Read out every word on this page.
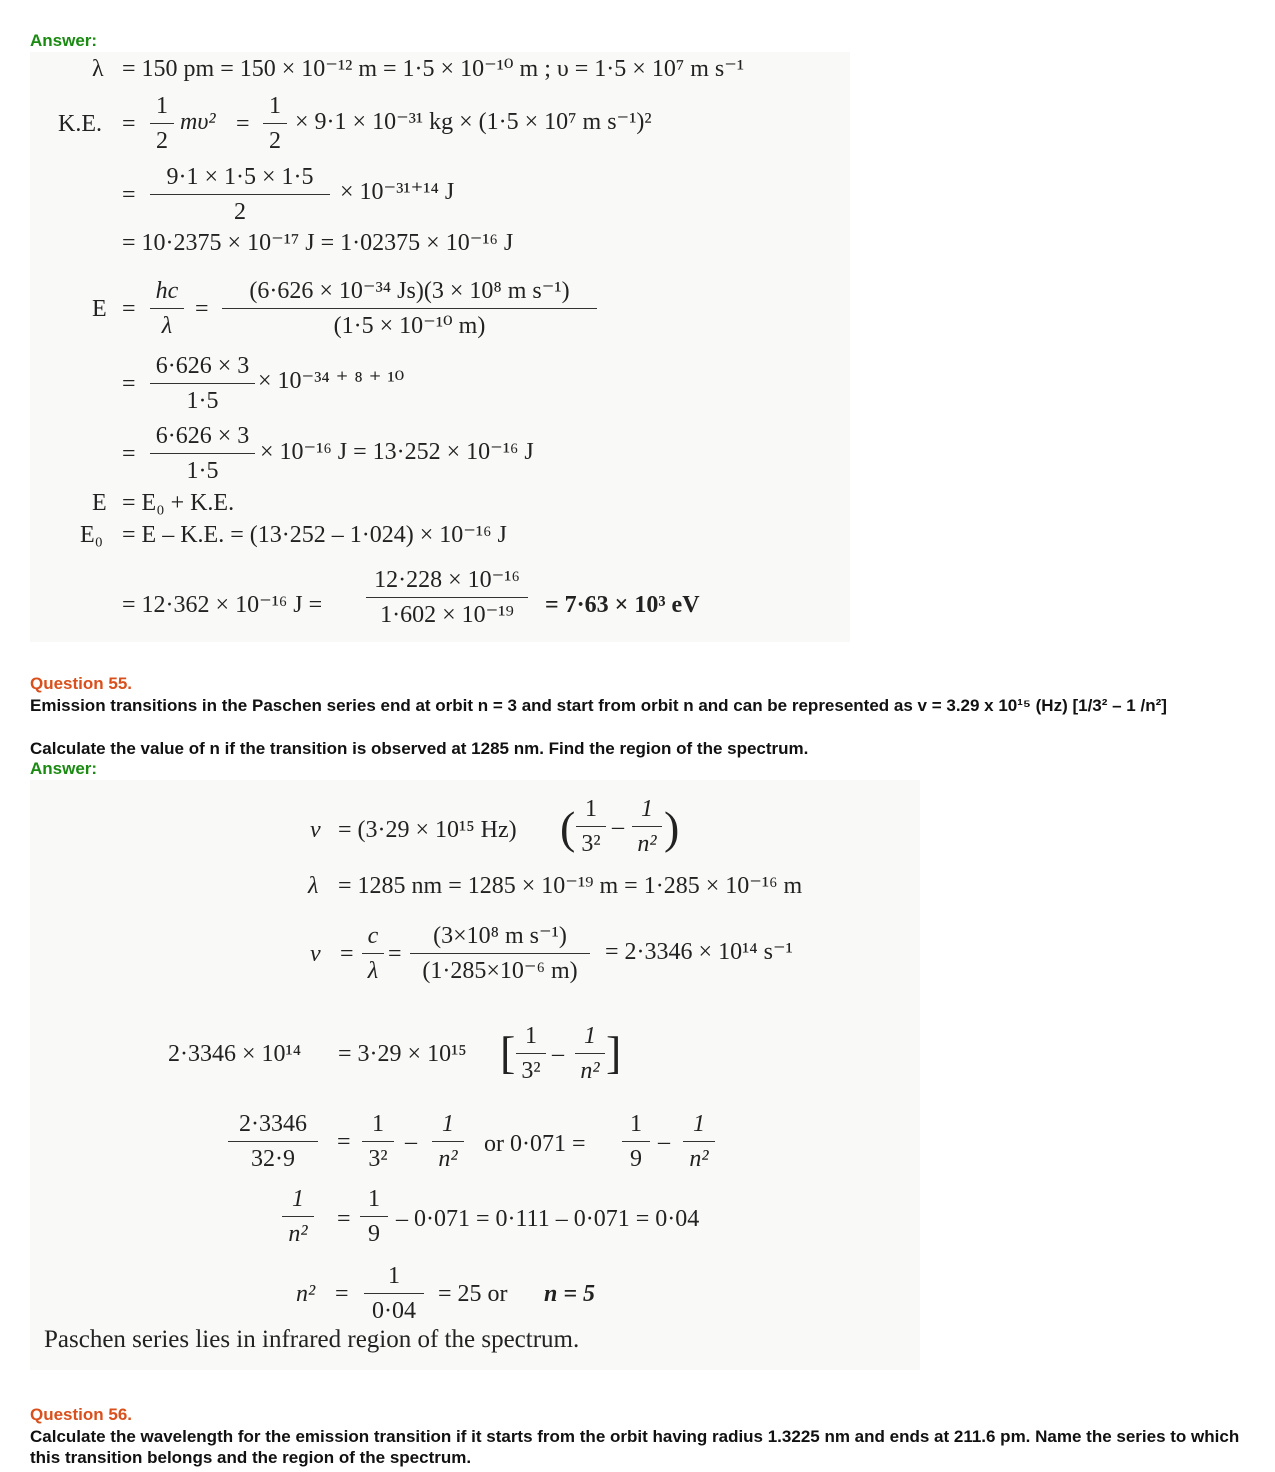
Answer:
λ = 150 pm = 150 × 10⁻¹² m = 1·5 × 10⁻¹⁰ m ; υ = 1·5 × 10⁷ m s⁻¹
K.E. =
1
2
mυ² =
1
2
× 9·1 × 10⁻³¹ kg × (1·5 × 10⁷ m s⁻¹)²
=
9·1 × 1·5 × 1·5
2
× 10⁻³¹⁺¹⁴ J
= 10·2375 × 10⁻¹⁷ J = 1·02375 × 10⁻¹⁶ J
E =
hc
λ
=
(6·626 × 10⁻³⁴ Js)(3 × 10⁸ m s⁻¹)
(1·5 × 10⁻¹⁰ m)
=
6·626 × 3
1·5
× 10⁻³⁴ ⁺ ⁸ ⁺ ¹⁰
=
6·626 × 3
1·5
× 10⁻¹⁶ J = 13·252 × 10⁻¹⁶ J
E = E₀ + K.E.
E₀ = E – K.E. = (13·252 – 1·024) × 10⁻¹⁶ J
= 12·362 × 10⁻¹⁶ J =
12·228 × 10⁻¹⁶
1·602 × 10⁻¹⁹ = 7·63 × 10³ eV
Question 55.
Emission transitions in the Paschen series end at orbit n = 3 and start from orbit n and can be represented as v = 3.29 x 10¹⁵ (Hz) [1/3² – 1 /n²]
Calculate the value of n if the transition is observed at 1285 nm. Find the region of the spectrum.
Answer:
ν = (3·29 × 10¹⁵ Hz) ( 1
3²
–
1
n² )
λ = 1285 nm = 1285 × 10⁻¹⁹ m = 1·285 × 10⁻¹⁶ m
ν =
c
λ
=
(3×10⁸ m s⁻¹)
(1·285×10⁻⁶ m)
= 2·3346 × 10¹⁴ s⁻¹
2·3346 × 10¹⁴ = 3·29 × 10¹⁵ [ 1
3²
–
1
n² ]
2·3346
32·9
=
1
3²
–
1
n²
or 0·071 =
1
9
–
1
n²
1
n²
=
1
9
– 0·071 = 0·111 – 0·071 = 0·04
n² =
1
0·04
= 25 or n = 5
Paschen series lies in infrared region of the spectrum.
Question 56.
Calculate the wavelength for the emission transition if it starts from the orbit having radius 1.3225 nm and ends at 211.6 pm. Name the series to which this transition belongs and the region of the spectrum.
